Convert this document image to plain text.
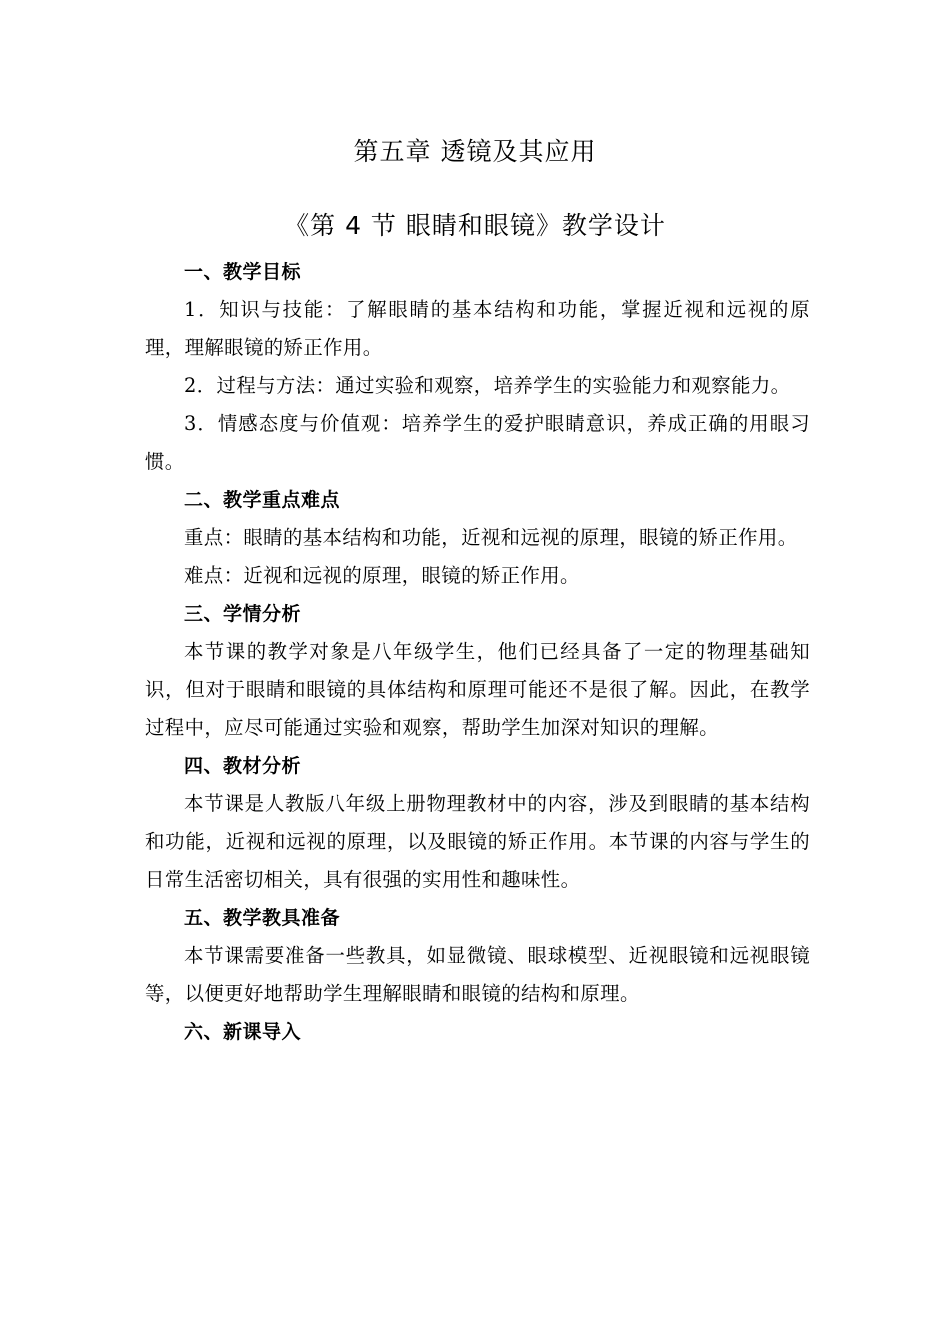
第五章 透镜及其应用
《第 4 节 眼睛和眼镜》教学设计

一、教学目标

1．知识与技能：了解眼睛的基本结构和功能，掌握近视和远视的原理，理解眼镜的矫正作用。

2．过程与方法：通过实验和观察，培养学生的实验能力和观察能力。

3．情感态度与价值观：培养学生的爱护眼睛意识，养成正确的用眼习惯。

二、教学重点难点

重点：眼睛的基本结构和功能，近视和远视的原理，眼镜的矫正作用。

难点：近视和远视的原理，眼镜的矫正作用。

三、学情分析

本节课的教学对象是八年级学生，他们已经具备了一定的物理基础知识，但对于眼睛和眼镜的具体结构和原理可能还不是很了解。因此，在教学过程中，应尽可能通过实验和观察，帮助学生加深对知识的理解。

四、教材分析

本节课是人教版八年级上册物理教材中的内容，涉及到眼睛的基本结构和功能，近视和远视的原理，以及眼镜的矫正作用。本节课的内容与学生的日常生活密切相关，具有很强的实用性和趣味性。

五、教学教具准备

本节课需要准备一些教具，如显微镜、眼球模型、近视眼镜和远视眼镜等，以便更好地帮助学生理解眼睛和眼镜的结构和原理。

六、新课导入
